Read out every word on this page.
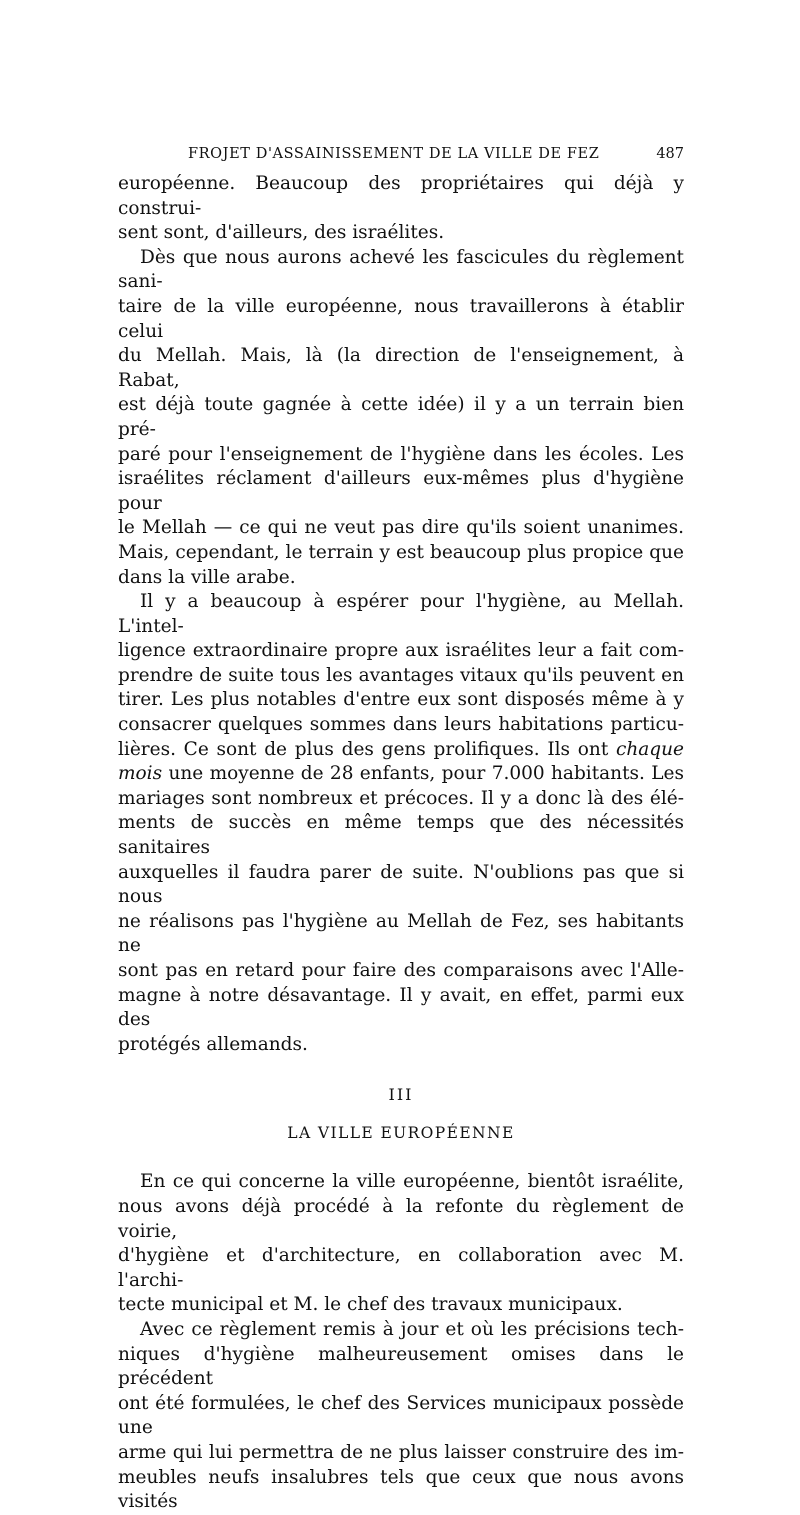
FROJET D'ASSAINISSEMENT DE LA VILLE DE FEZ	487

européenne. Beaucoup des propriétaires qui déjà y construi-

sent sont, d'ailleurs, des israélites.

Dès que nous aurons achevé les fascicules du règlement sani-

taire de la ville européenne, nous travaillerons à établir celui

du Mellah. Mais, là (la direction de l'enseignement, à Rabat,

est déjà toute gagnée à cette idée) il y a un terrain bien pré-

paré pour l'enseignement de l'hygiène dans les écoles. Les

israélites réclament d'ailleurs eux-mêmes plus d'hygiène pour

le Mellah — ce qui ne veut pas dire qu'ils soient unanimes.

Mais, cependant, le terrain y est beaucoup plus propice que

dans la ville arabe.

Il y a beaucoup à espérer pour l'hygiène, au Mellah. L'intel-

ligence extraordinaire propre aux israélites leur a fait com-

prendre de suite tous les avantages vitaux qu'ils peuvent en

tirer. Les plus notables d'entre eux sont disposés même à y

consacrer quelques sommes dans leurs habitations particu-

lières. Ce sont de plus des gens prolifiques. Ils ont chaque

mois une moyenne de 28 enfants, pour 7.000 habitants. Les

mariages sont nombreux et précoces. Il y a donc là des élé-

ments de succès en même temps que des nécessités sanitaires

auxquelles il faudra parer de suite. N'oublions pas que si nous

ne réalisons pas l'hygiène au Mellah de Fez, ses habitants ne

sont pas en retard pour faire des comparaisons avec l'Alle-

magne à notre désavantage. Il y avait, en effet, parmi eux des

protégés allemands.

III
LA VILLE EUROPÉENNE

En ce qui concerne la ville européenne, bientôt israélite,

nous avons déjà procédé à la refonte du règlement de voirie,

d'hygiène et d'architecture, en collaboration avec M. l'archi-

tecte municipal et M. le chef des travaux municipaux.

Avec ce règlement remis à jour et où les précisions tech-

niques d'hygiène malheureusement omises dans le précédent

ont été formulées, le chef des Services municipaux possède une

arme qui lui permettra de ne plus laisser construire des im-

meubles neufs insalubres tels que ceux que nous avons visités
